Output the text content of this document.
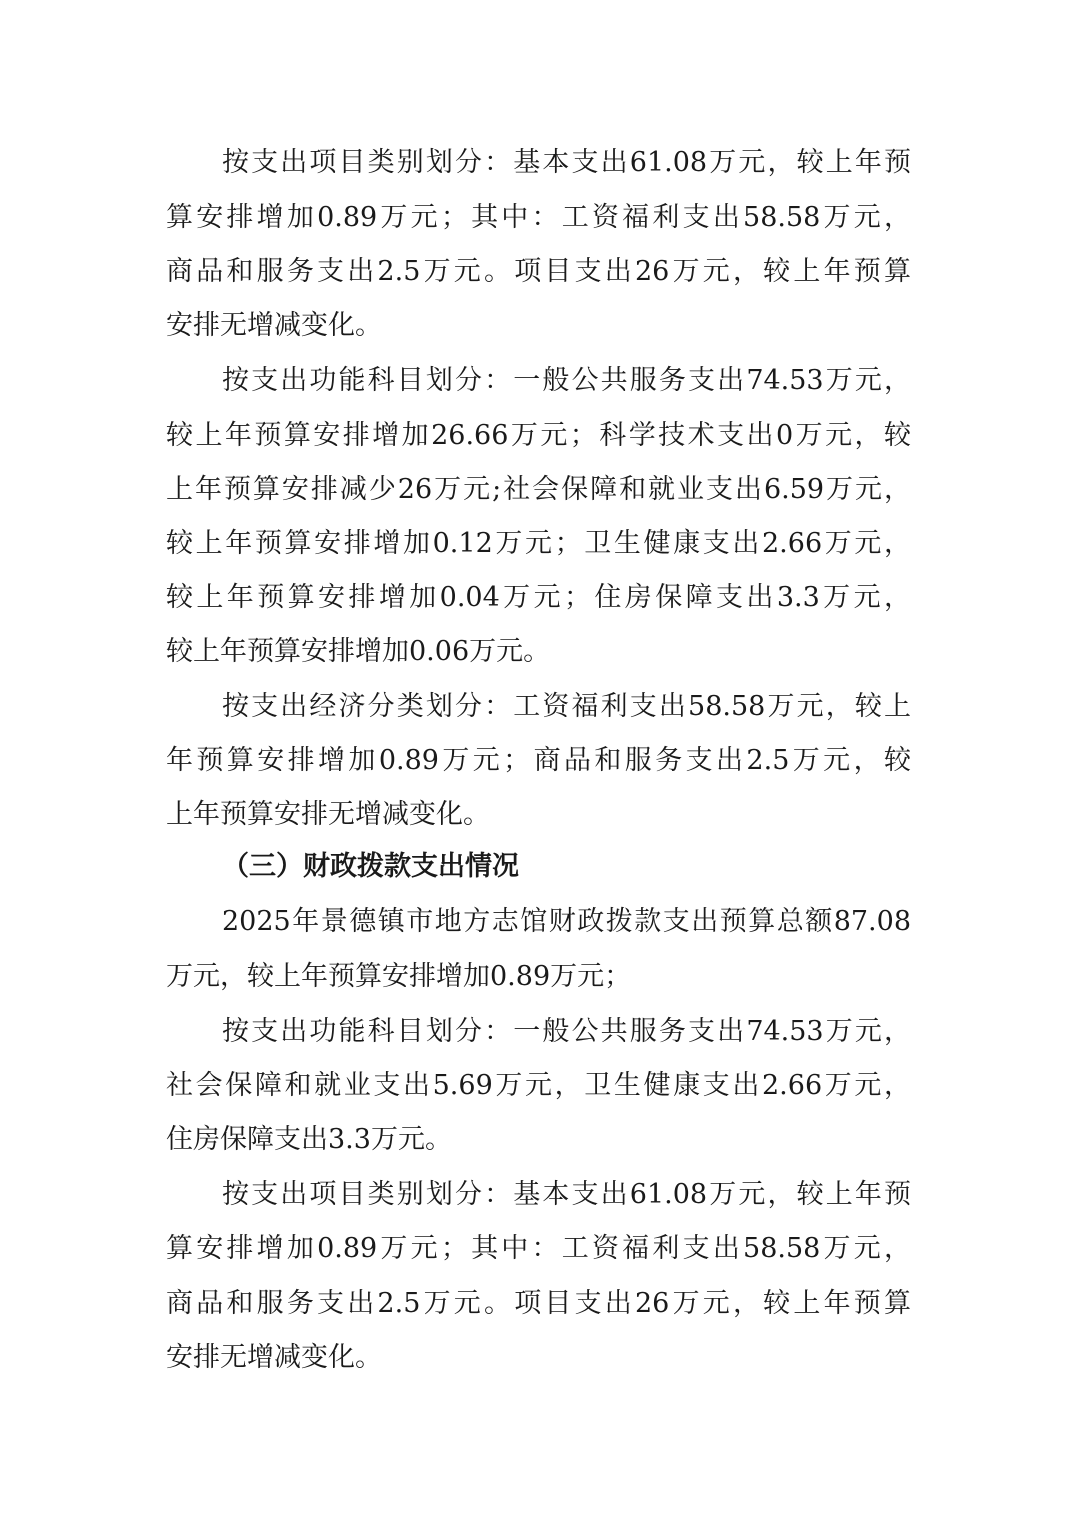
按支出项目类别划分：基本支出61.08万元，较上年预
算安排增加0.89万元；其中：工资福利支出58.58万元，
商品和服务支出2.5万元。项目支出26万元，较上年预算
安排无增减变化。
按支出功能科目划分：一般公共服务支出74.53万元，
较上年预算安排增加26.66万元；科学技术支出0万元，较
上年预算安排减少26万元;社会保障和就业支出6.59万元，
较上年预算安排增加0.12万元；卫生健康支出2.66万元，
较上年预算安排增加0.04万元；住房保障支出3.3万元，
较上年预算安排增加0.06万元。
按支出经济分类划分：工资福利支出58.58万元，较上
年预算安排增加0.89万元；商品和服务支出2.5万元，较
上年预算安排无增减变化。
（三）财政拨款支出情况
2025年景德镇市地方志馆财政拨款支出预算总额87.08
万元，较上年预算安排增加0.89万元；
按支出功能科目划分：一般公共服务支出74.53万元，
社会保障和就业支出5.69万元，卫生健康支出2.66万元，
住房保障支出3.3万元。
按支出项目类别划分：基本支出61.08万元，较上年预
算安排增加0.89万元；其中：工资福利支出58.58万元，
商品和服务支出2.5万元。项目支出26万元，较上年预算
安排无增减变化。
